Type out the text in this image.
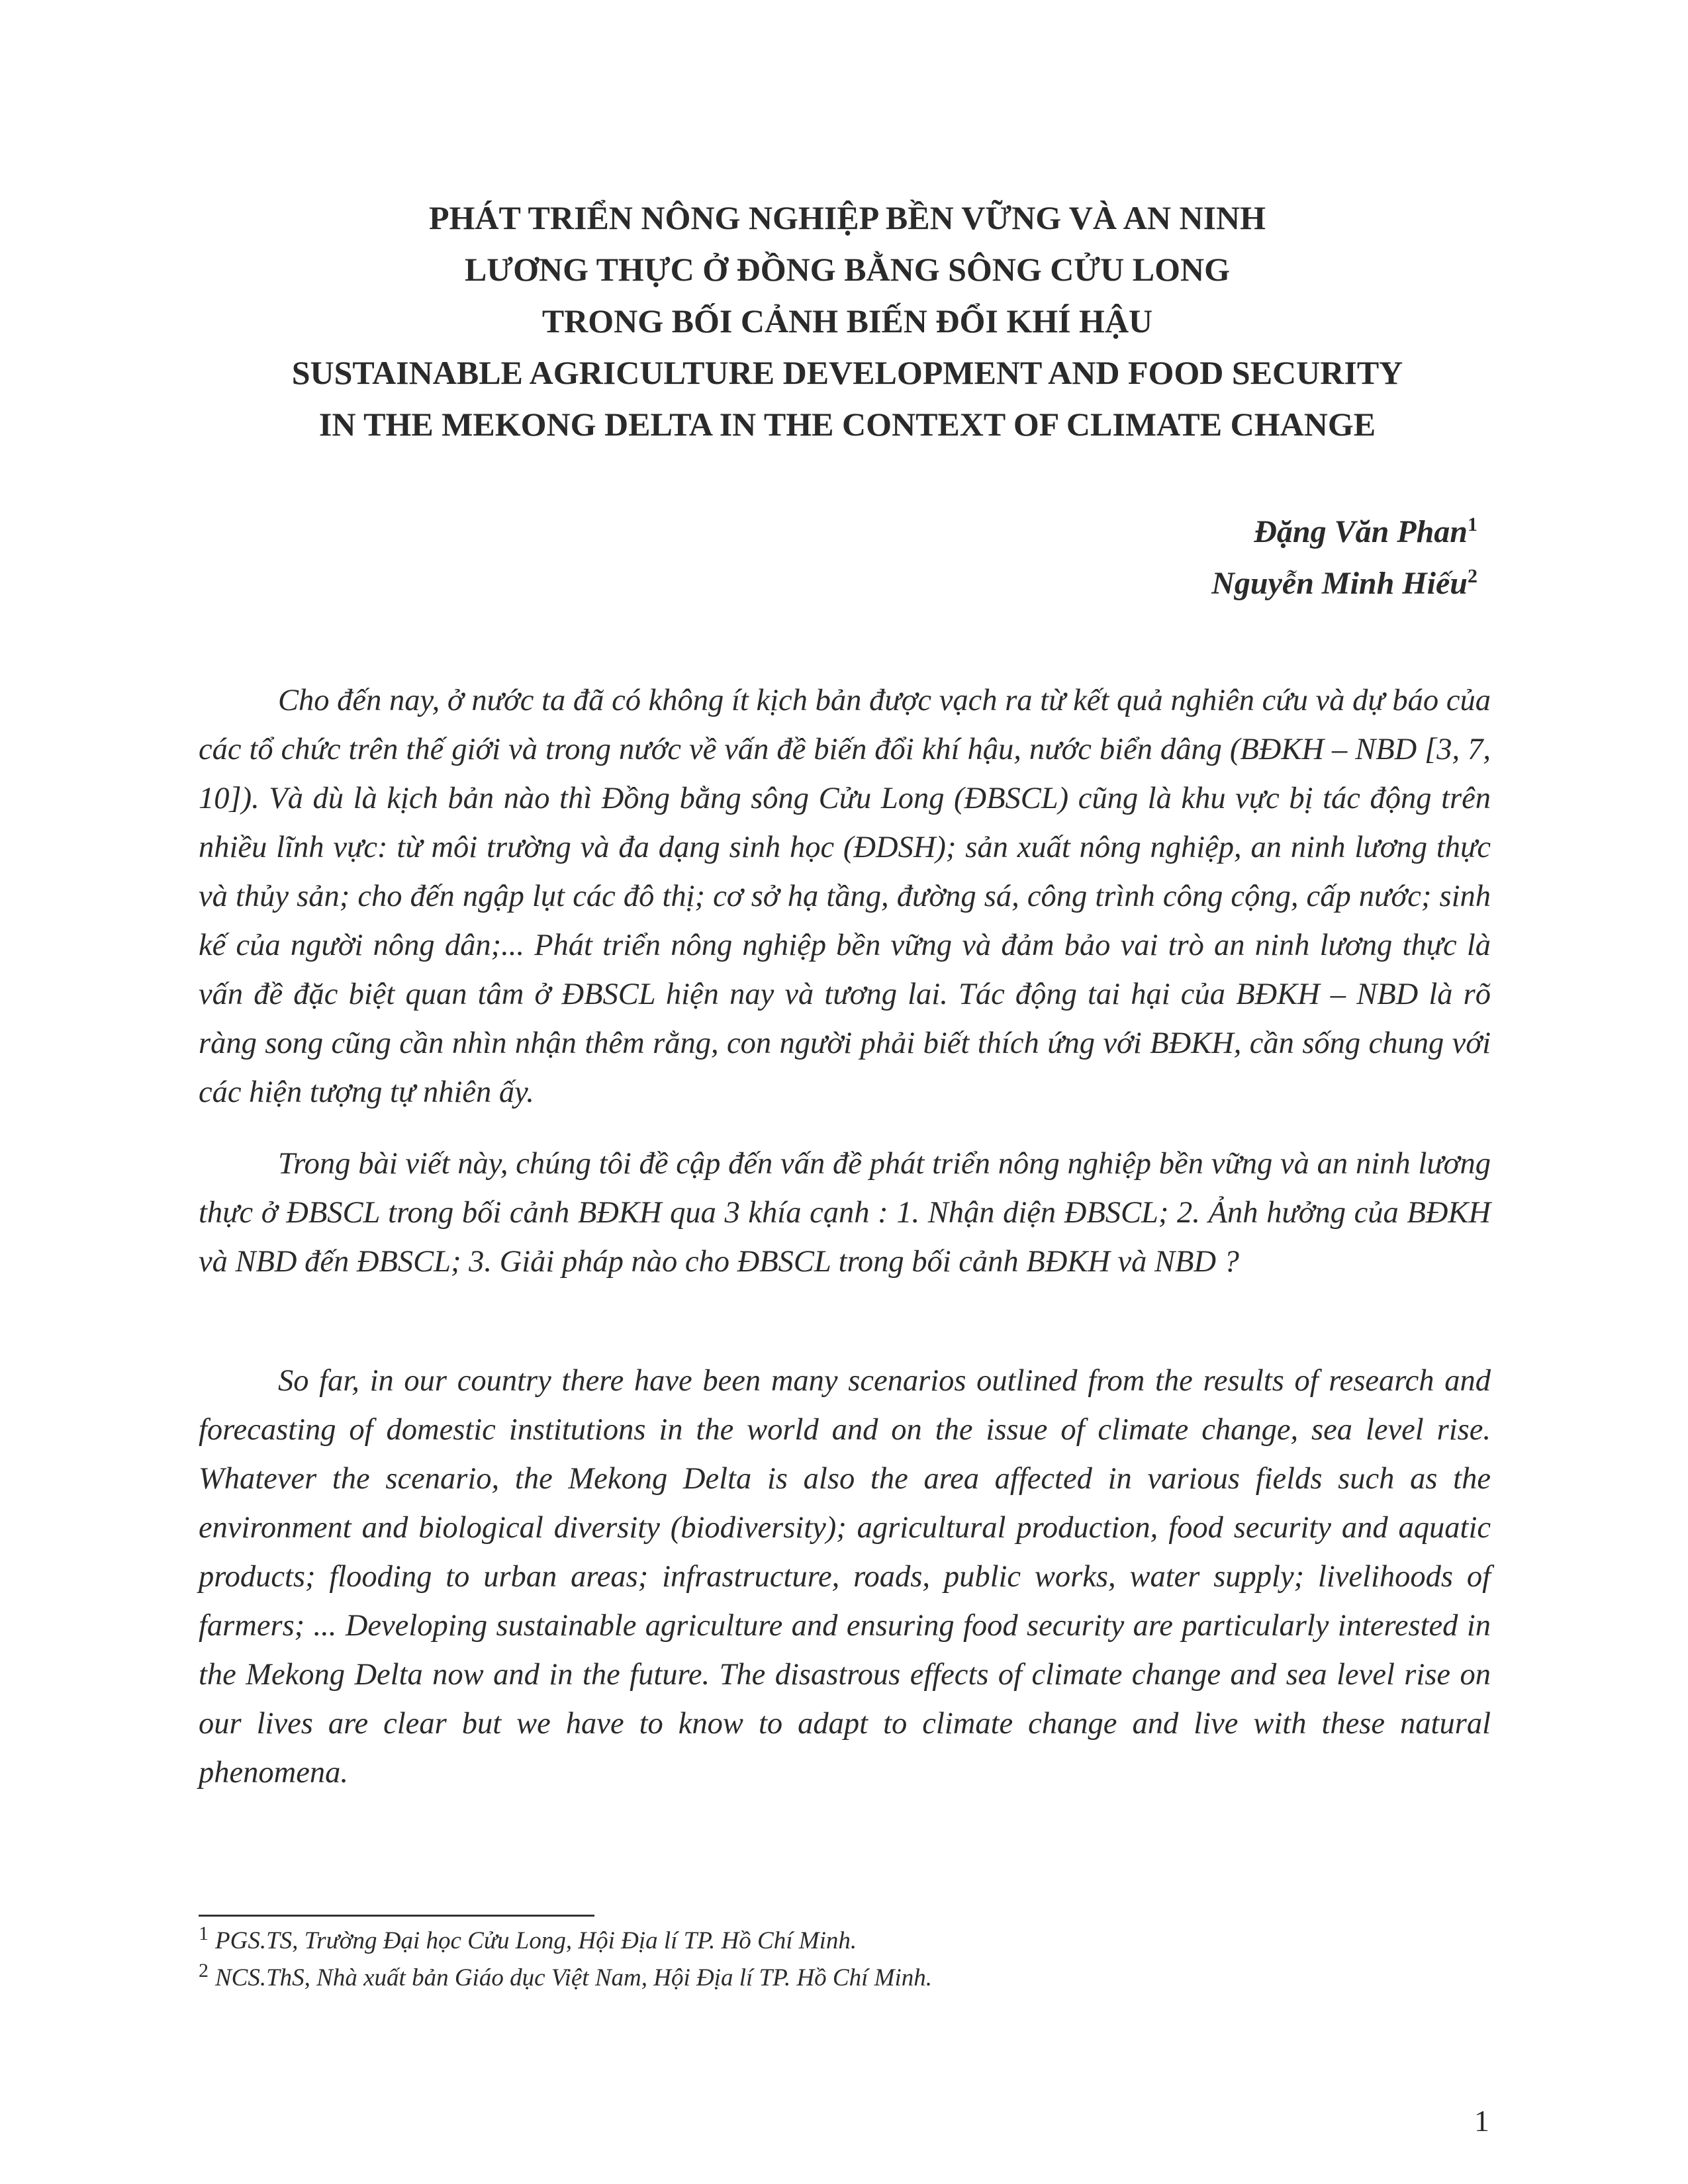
PHÁT TRIỂN NÔNG NGHIỆP BỀN VỮNG VÀ AN NINH
LƯƠNG THỰC Ở ĐỒNG BẰNG SÔNG CỬU LONG
TRONG BỐI CẢNH BIẾN ĐỔI KHÍ HẬU
SUSTAINABLE AGRICULTURE DEVELOPMENT AND FOOD SECURITY
IN THE MEKONG DELTA IN THE CONTEXT OF CLIMATE CHANGE
Đặng Văn Phan$^1$
Nguyễn Minh Hiếu$^2$

Cho đến nay, ở nước ta đã có không ít kịch bản được vạch ra từ kết quả nghiên cứu và dự báo của các tổ chức trên thế giới và trong nước về vấn đề biến đổi khí hậu, nước biển dâng (BĐKH – NBD [3, 7, 10]). Và dù là kịch bản nào thì Đồng bằng sông Cửu Long (ĐBSCL) cũng là khu vực bị tác động trên nhiều lĩnh vực: từ môi trường và đa dạng sinh học (ĐDSH); sản xuất nông nghiệp, an ninh lương thực và thủy sản; cho đến ngập lụt các đô thị; cơ sở hạ tầng, đường sá, công trình công cộng, cấp nước; sinh kế của người nông dân;... Phát triển nông nghiệp bền vững và đảm bảo vai trò an ninh lương thực là vấn đề đặc biệt quan tâm ở ĐBSCL hiện nay và tương lai. Tác động tai hại của BĐKH – NBD là rõ ràng song cũng cần nhìn nhận thêm rằng, con người phải biết thích ứng với BĐKH, cần sống chung với các hiện tượng tự nhiên ấy.

Trong bài viết này, chúng tôi đề cập đến vấn đề phát triển nông nghiệp bền vững và an ninh lương thực ở ĐBSCL trong bối cảnh BĐKH qua 3 khía cạnh : 1. Nhận diện ĐBSCL; 2. Ảnh hưởng của BĐKH và NBD đến ĐBSCL; 3. Giải pháp nào cho ĐBSCL trong bối cảnh BĐKH và NBD ?

So far, in our country there have been many scenarios outlined from the results of research and forecasting of domestic institutions in the world and on the issue of climate change, sea level rise. Whatever the scenario, the Mekong Delta is also the area affected in various fields such as the environment and biological diversity (biodiversity); agricultural production, food security and aquatic products; flooding to urban areas; infrastructure, roads, public works, water supply; livelihoods of farmers; ... Developing sustainable agriculture and ensuring food security are particularly interested in the Mekong Delta now and in the future. The disastrous effects of climate change and sea level rise on our lives are clear but we have to know to adapt to climate change and live with these natural phenomena.

$^1$ PGS.TS, Trường Đại học Cửu Long, Hội Địa lí TP. Hồ Chí Minh.
$^2$ NCS.ThS, Nhà xuất bản Giáo dục Việt Nam, Hội Địa lí TP. Hồ Chí Minh.
1
